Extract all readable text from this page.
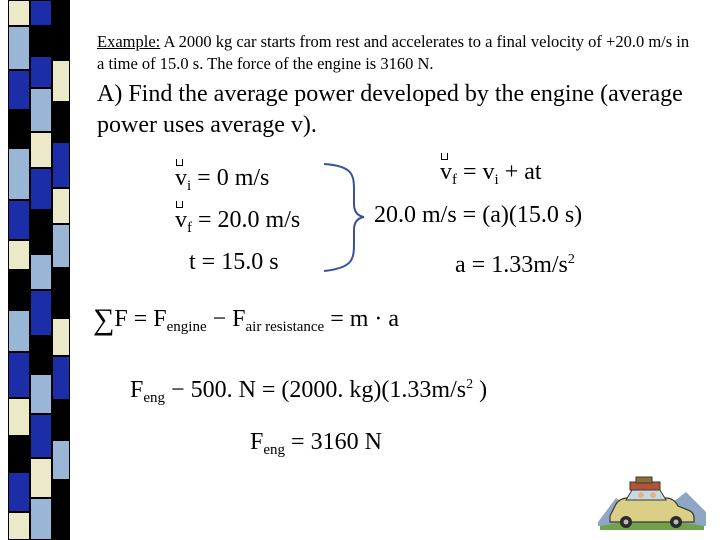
Example: A 2000 kg car starts from rest and accelerates to a final velocity of +20.0 m/s in a time of 15.0 s. The force of the engine is 3160 N.
A) Find the average power developed by the engine (average power uses average v).
$v_i = 0$ m/s
$v_f = 20.0$ m/s
t = 15.0 s
$v_f = v_i$ + at
20.0 m/s = (a)(15.0 s)
$a = 1.33m/s^2$
$\sum F = F_{engine} - F_{air resistance} = m \cdot a$
$F_{eng} - 500$. N = (2000. $kg)(1.33m/s^2$ )
$F_{eng} = 3160$ N
